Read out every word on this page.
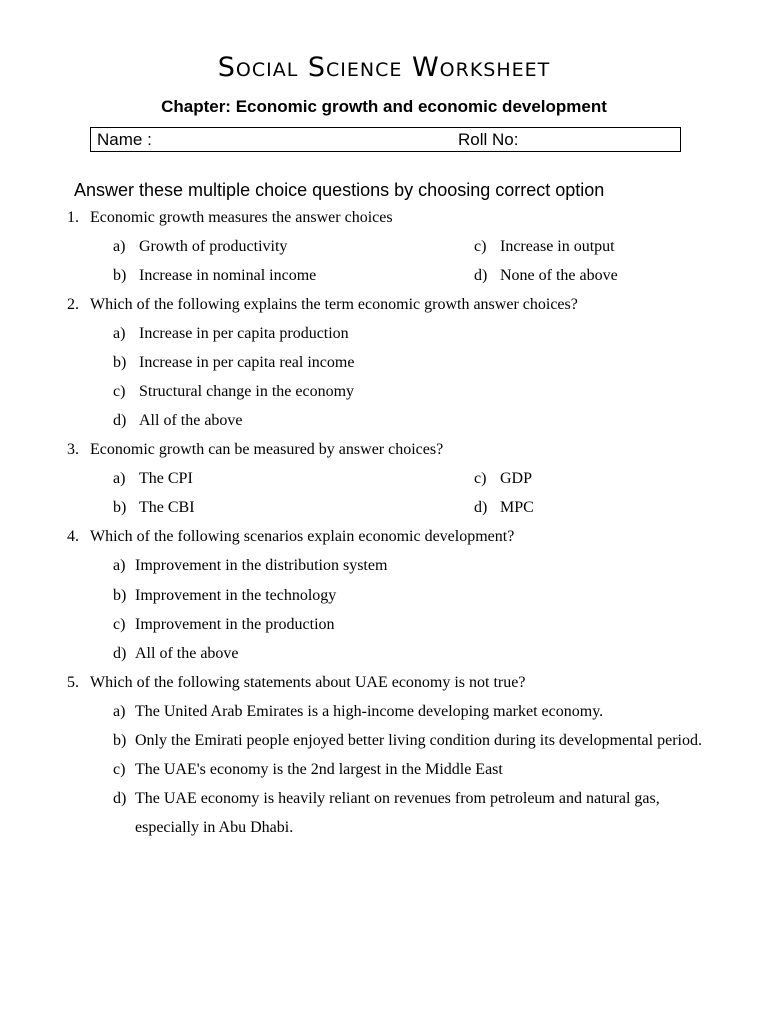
Social Science Worksheet
Chapter: Economic growth and economic development
Name :	Roll No:
Answer these multiple choice questions by choosing correct option
1. Economic growth measures the answer choices
a) Growth of productivity
b) Increase in nominal income
c) Increase in output
d) None of the above
2. Which of the following explains the term economic growth answer choices?
a) Increase in per capita production
b) Increase in per capita real income
c) Structural change in the economy
d) All of the above
3. Economic growth can be measured by answer choices?
a) The CPI
b) The CBI
c) GDP
d) MPC
4. Which of the following scenarios explain economic development?
a) Improvement in the distribution system
b) Improvement in the technology
c) Improvement in the production
d) All of the above
5. Which of the following statements about UAE economy is not true?
a) The United Arab Emirates is a high-income developing market economy.
b) Only the Emirati people enjoyed better living condition during its developmental period.
c) The UAE's economy is the 2nd largest in the Middle East
d) The UAE economy is heavily reliant on revenues from petroleum and natural gas,
especially in Abu Dhabi.
